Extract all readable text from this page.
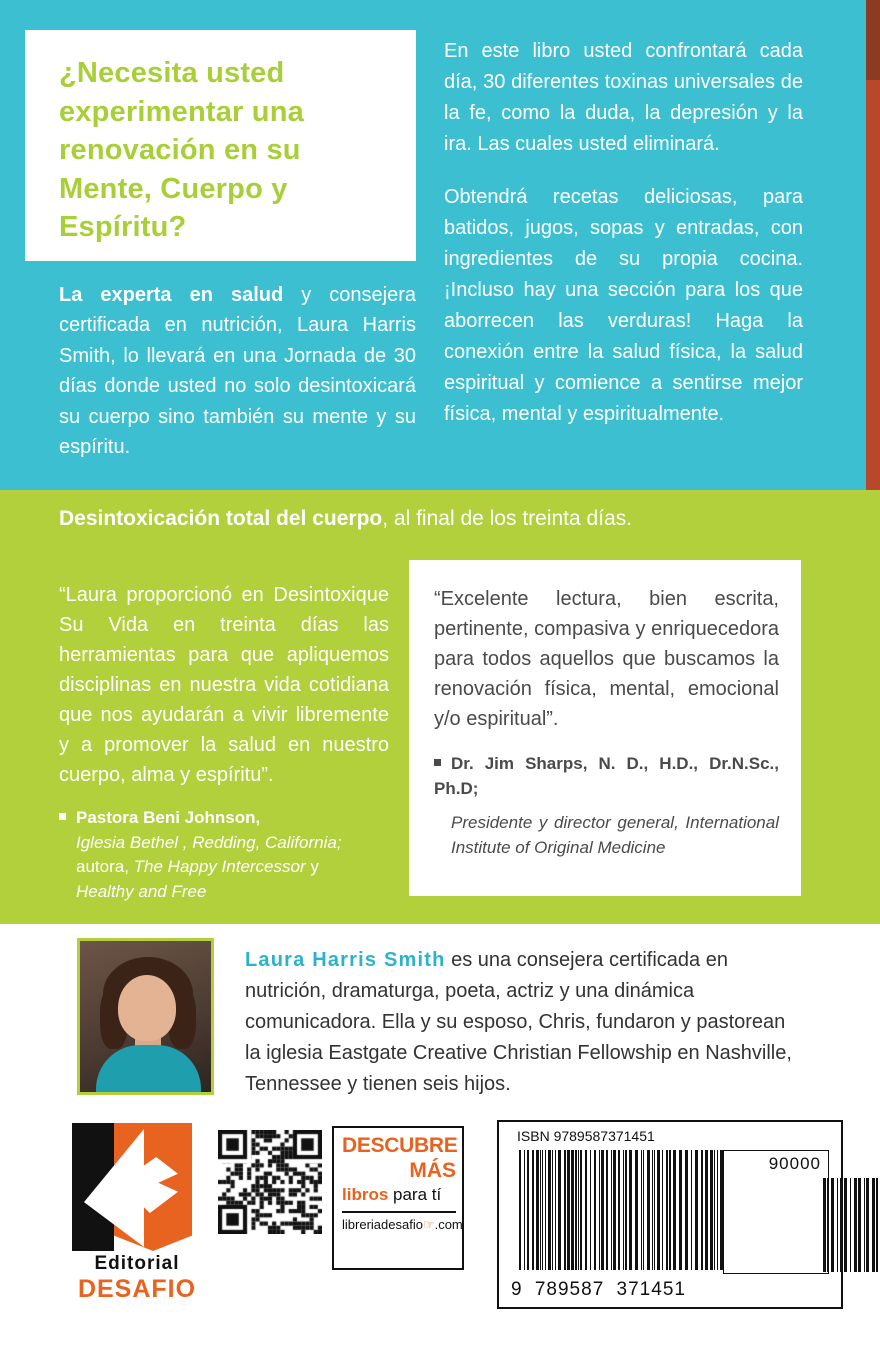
¿Necesita usted experimentar una renovación en su Mente, Cuerpo y Espíritu?
La experta en salud y consejera certificada en nutrición, Laura Harris Smith, lo llevará en una Jornada de 30 días donde usted no solo desintoxicará su cuerpo sino también su mente y su espíritu.

En este libro usted confrontará cada día, 30 diferentes toxinas universales de la fe, como la duda, la depresión y la ira. Las cuales usted eliminará.

Obtendrá recetas deliciosas, para batidos, jugos, sopas y entradas, con ingredientes de su propia cocina. ¡Incluso hay una sección para los que aborrecen las verduras! Haga la conexión entre la salud física, la salud espiritual y comience a sentirse mejor física, mental y espiritualmente.

Desintoxicación total del cuerpo, al final de los treinta días.
“Laura proporcionó en Desintoxique Su Vida en treinta días las herramientas para que apliquemos disciplinas en nuestra vida cotidiana que nos ayudarán a vivir libremente y a promover la salud en nuestro cuerpo, alma y espíritu”.
Pastora Beni Johnson,
Iglesia Bethel , Redding, California;
autora, The Happy Intercessor y
Healthy and Free
“Excelente lectura, bien escrita, pertinente, compasiva y enriquecedora para todos aquellos que buscamos la renovación física, mental, emocional y/o espiritual”.
Dr. Jim Sharps, N. D., H.D., Dr.N.Sc., Ph.D;
Presidente y director general, International Institute of Original Medicine
Laura Harris Smith es una consejera certificada en nutrición, dramaturga, poeta, actriz y una dinámica comunicadora. Ella y su esposo, Chris, fundaron y pastorean la iglesia Eastgate Creative Christian Fellowship en Nashville, Tennessee y tienen seis hijos.
Editorial
DESAFIO
DESCUBRE
MÁS
libros para tí
libreriadesafio☞.com
ISBN 9789587371451
90000
9 789587 371451
